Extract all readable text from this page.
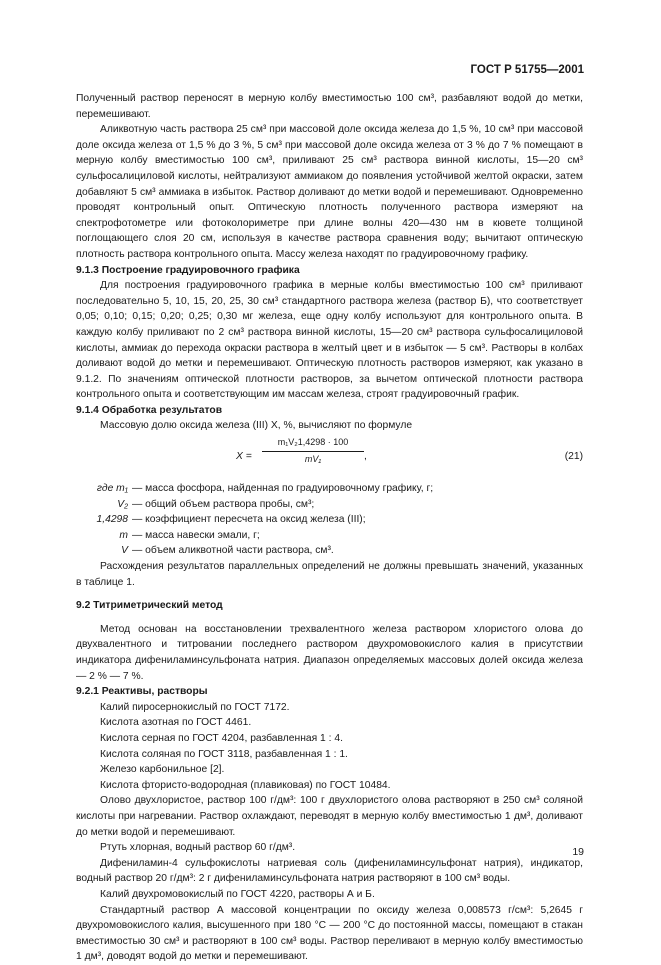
ГОСТ Р 51755—2001

Полученный раствор переносят в мерную колбу вместимостью 100 см³, разбавляют водой до метки, перемешивают.

Аликвотную часть раствора 25 см³ при массовой доле оксида железа до 1,5 %, 10 см³ при массовой доле оксида железа от 1,5 % до 3 %, 5 см³ при массовой доле оксида железа от 3 % до 7 % помещают в мерную колбу вместимостью 100 см³, приливают 25 см³ раствора винной кислоты, 15—20 см³ сульфосалициловой кислоты, нейтрализуют аммиаком до появления устойчивой желтой окраски, затем добавляют 5 см³ аммиака в избыток. Раствор доливают до метки водой и перемешивают. Одновременно проводят контрольный опыт. Оптическую плотность полученного раствора измеряют на спектрофотометре или фотоколориметре при длине волны 420—430 нм в кювете толщиной поглощающего слоя 20 см, используя в качестве раствора сравнения воду; вычитают оптическую плотность раствора контрольного опыта. Массу железа находят по градуировочному графику.

9.1.3 Построение градуировочного графика

Для построения градуировочного графика в мерные колбы вместимостью 100 см³ приливают последовательно 5, 10, 15, 20, 25, 30 см³ стандартного раствора железа (раствор Б), что соответствует 0,05; 0,10; 0,15; 0,20; 0,25; 0,30 мг железа, еще одну колбу используют для контрольного опыта. В каждую колбу приливают по 2 см³ раствора винной кислоты, 15—20 см³ раствора сульфосалициловой кислоты, аммиак до перехода окраски раствора в желтый цвет и в избыток — 5 см³. Растворы в колбах доливают водой до метки и перемешивают. Оптическую плотность растворов измеряют, как указано в 9.1.2. По значениям оптической плотности растворов, за вычетом оптической плотности раствора контрольного опыта и соответствующим им массам железа, строят градуировочный график.

9.1.4 Обработка результатов

Массовую долю оксида железа (III) X, %, вычисляют по формуле

$X = \frac{\text{m₁V₂1,4298 · 100}}{\text{mV₁}}$ ,	(21)
где m₁ — масса фосфора, найденная по градуировочному графику, г;
V₂ — общий объем раствора пробы, см³;
1,4298 — коэффициент пересчета на оксид железа (III);
m — масса навески эмали, г;
V — объем аликвотной части раствора, см³.

Расхождения результатов параллельных определений не должны превышать значений, указанных в таблице 1.

9.2 Титриметрический метод

Метод основан на восстановлении трехвалентного железа раствором хлористого олова до двухвалентного и титровании последнего раствором двухромовокислого калия в присутствии индикатора дифениламинсульфоната натрия. Диапазон определяемых массовых долей оксида железа — 2 % — 7 %.

9.2.1 Реактивы, растворы

Калий пиросернокислый по ГОСТ 7172.

Кислота азотная по ГОСТ 4461.

Кислота серная по ГОСТ 4204, разбавленная 1 : 4.

Кислота соляная по ГОСТ 3118, разбавленная 1 : 1.

Железо карбонильное [2].

Кислота фтористо-водородная (плавиковая) по ГОСТ 10484.

Олово двухлористое, раствор 100 г/дм³: 100 г двухлористого олова растворяют в 250 см³ соляной кислоты при нагревании. Раствор охлаждают, переводят в мерную колбу вместимостью 1 дм³, доливают до метки водой и перемешивают.

Ртуть хлорная, водный раствор 60 г/дм³.

Дифениламин-4 сульфокислоты натриевая соль (дифениламинсульфонат натрия), индикатор, водный раствор 20 г/дм³: 2 г дифениламинсульфоната натрия растворяют в 100 см³ воды.

Калий двухромовокислый по ГОСТ 4220, растворы А и Б.

Стандартный раствор А массовой концентрации по оксиду железа 0,008573 г/см³: 5,2645 г двухромовокислого калия, высушенного при 180 °C — 200 °C до постоянной массы, помещают в стакан вместимостью 30 см³ и растворяют в 100 см³ воды. Раствор переливают в мерную колбу вместимостью 1 дм³, доводят водой до метки и перемешивают.

19
